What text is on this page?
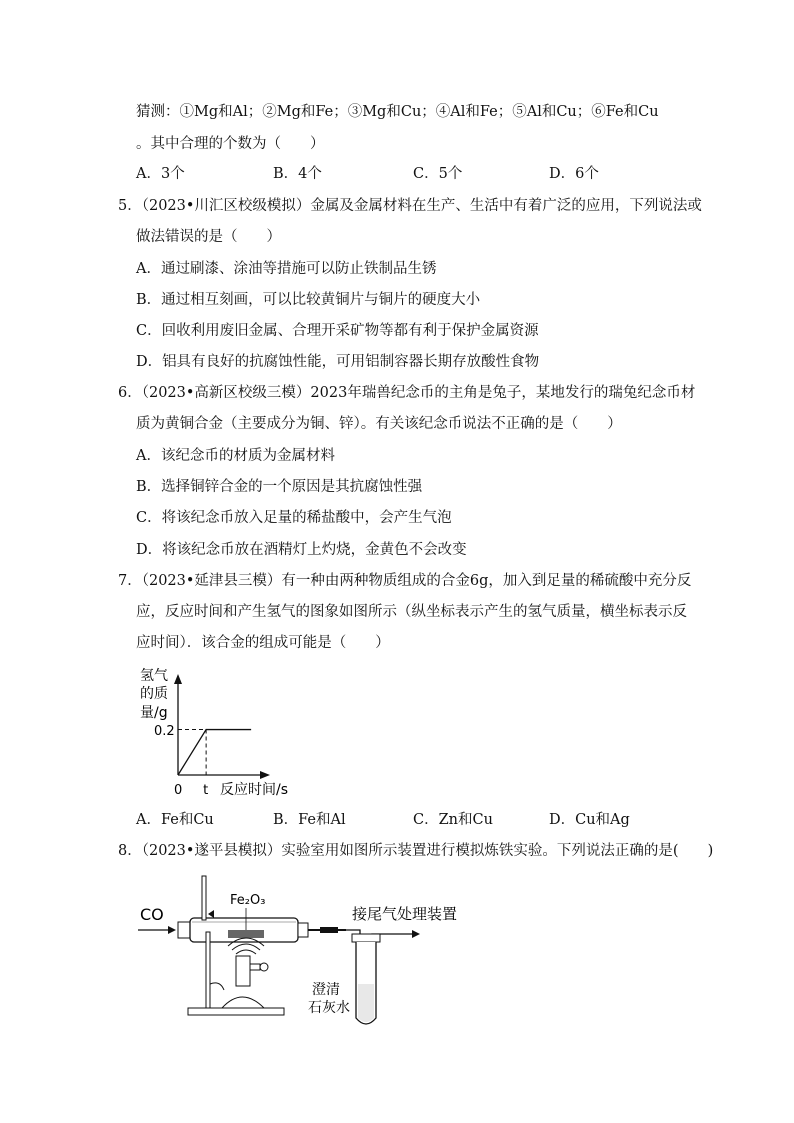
猜测：①Mg和Al；②Mg和Fe；③Mg和Cu；④Al和Fe；⑤Al和Cu；⑥Fe和Cu
。其中合理的个数为（　　）
A．3个	B．4个	C．5个	D．6个
5．（2023•川汇区校级模拟）金属及金属材料在生产、生活中有着广泛的应用，下列说法或
做法错误的是（　　）
A．通过刷漆、涂油等措施可以防止铁制品生锈
B．通过相互刻画，可以比较黄铜片与铜片的硬度大小
C．回收利用废旧金属、合理开采矿物等都有利于保护金属资源
D．铝具有良好的抗腐蚀性能，可用铝制容器长期存放酸性食物
6．（2023•高新区校级三模）2023年瑞兽纪念币的主角是兔子，某地发行的瑞兔纪念币材
质为黄铜合金（主要成分为铜、锌）。有关该纪念币说法不正确的是（　　）
A．该纪念币的材质为金属材料
B．选择铜锌合金的一个原因是其抗腐蚀性强
C．将该纪念币放入足量的稀盐酸中，会产生气泡
D．将该纪念币放在酒精灯上灼烧，金黄色不会改变
7．（2023•延津县三模）有一种由两种物质组成的合金6g，加入到足量的稀硫酸中充分反
应，反应时间和产生氢气的图象如图所示（纵坐标表示产生的氢气质量，横坐标表示反
应时间）．该合金的组成可能是（　　）
氢气
的质
量/g
0.2
0 t 反应时间/s
A．Fe和Cu	B．Fe和Al	C．Zn和Cu	D．Cu和Ag
8．（2023•遂平县模拟）实验室用如图所示装置进行模拟炼铁实验。下列说法正确的是(　　)
CO
Fe₂O₃
接尾气处理装置
澄清
石灰水
